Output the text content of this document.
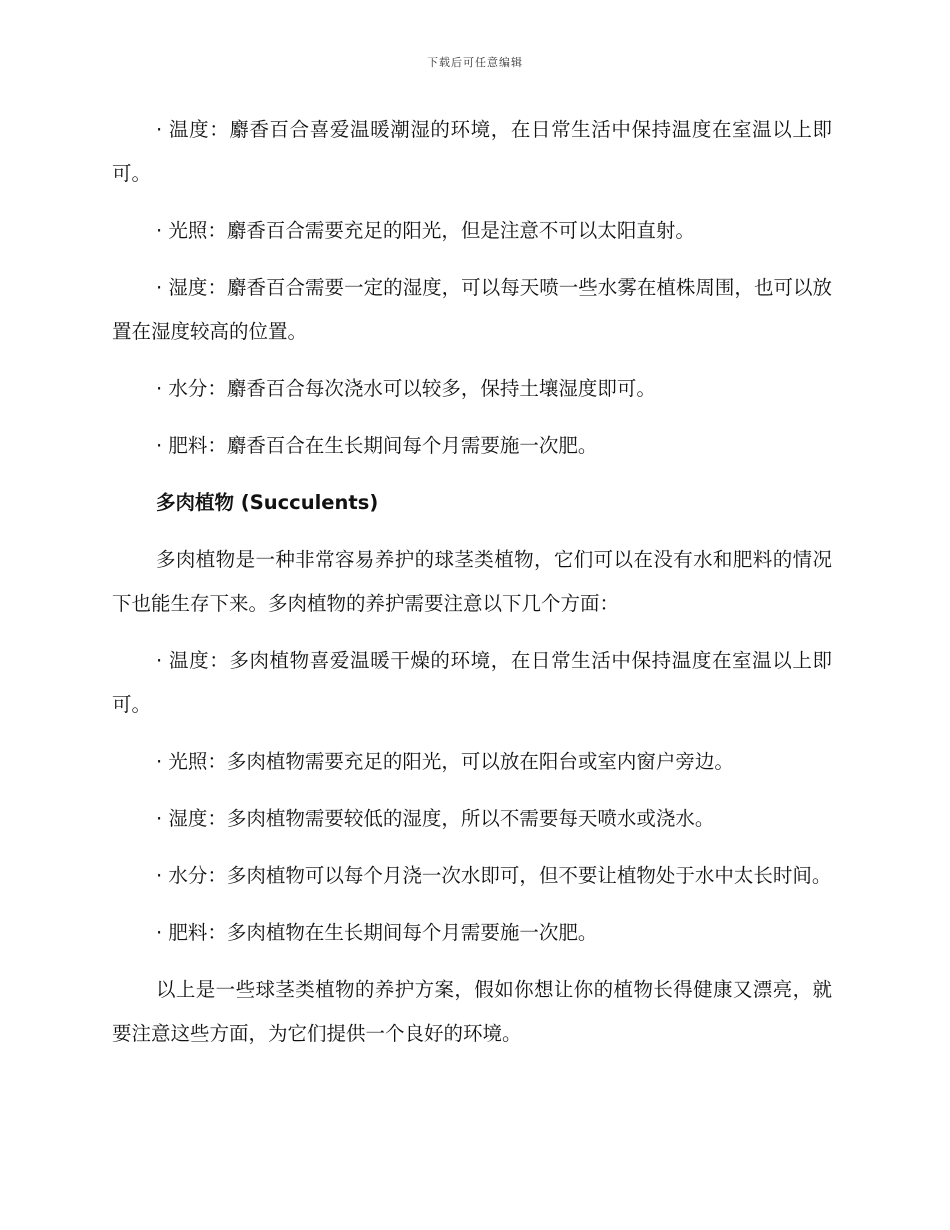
下载后可任意编辑

· 温度：麝香百合喜爱温暖潮湿的环境，在日常生活中保持温度在室温以上即可。

· 光照：麝香百合需要充足的阳光，但是注意不可以太阳直射。

· 湿度：麝香百合需要一定的湿度，可以每天喷一些水雾在植株周围，也可以放置在湿度较高的位置。

· 水分：麝香百合每次浇水可以较多，保持土壤湿度即可。

· 肥料：麝香百合在生长期间每个月需要施一次肥。

多肉植物 (Succulents)

多肉植物是一种非常容易养护的球茎类植物，它们可以在没有水和肥料的情况下也能生存下来。多肉植物的养护需要注意以下几个方面：

· 温度：多肉植物喜爱温暖干燥的环境，在日常生活中保持温度在室温以上即可。

· 光照：多肉植物需要充足的阳光，可以放在阳台或室内窗户旁边。

· 湿度：多肉植物需要较低的湿度，所以不需要每天喷水或浇水。

· 水分：多肉植物可以每个月浇一次水即可，但不要让植物处于水中太长时间。

· 肥料：多肉植物在生长期间每个月需要施一次肥。

以上是一些球茎类植物的养护方案，假如你想让你的植物长得健康又漂亮，就要注意这些方面，为它们提供一个良好的环境。
